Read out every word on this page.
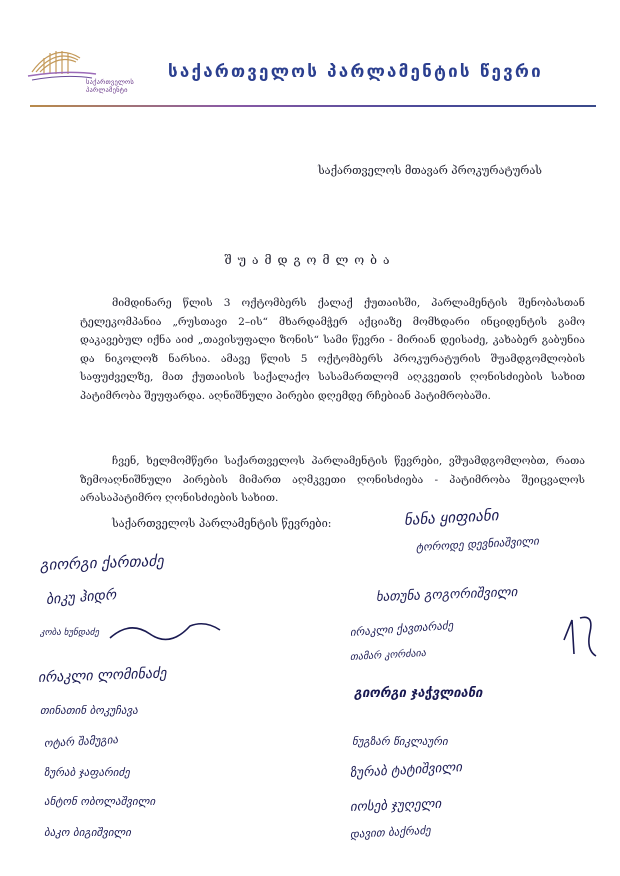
საქართველოს პარლამენტი
საქართველოს პარლამენტის წევრი
საქართველოს მთავარ პროკურატურას
შუამდგომლობა
მიმდინარე წლის 3 ოქტომბერს ქალაქ ქუთაისში, პარლამენტის შენობასთან ტელეკომპანია „რუსთავი 2–ის“ მხარდამჭერ აქციაზე მომხდარი ინციდენტის გამო დაკავებულ იქნა აიძ „თავისუფალი ზონის“ სამი წევრი - მირიან დეისაძე, კახაბერ გაბუნია და ნიკოლოზ ნარსია. ამავე წლის 5 ოქტომბერს პროკურატურის შუამდგომლობის საფუძველზე, მათ ქუთაისის საქალაქო სასამართლომ აღკვეთის ღონისძიების სახით პატიმრობა შეუფარდა. აღნიშნული პირები დღემდე რჩებიან პატიმრობაში.
ჩვენ, ხელმომწერი საქართველოს პარლამენტის წევრები, ვშუამდგომლობთ, რათა ზემოაღნიშნული პირების მიმართ აღმკვეთი ღონისძიება - პატიმრობა შეიცვალოს არასაპატიმრო ღონისძიების სახით.
საქართველოს პარლამენტის წევრები:
გიორგი ქართაძე
ბიკუ ჰიდრ
კობა ხუნდაძე
ირაკლი ლომინაძე
თინათინ ბოკუჩავა
ოტარ შამუგია
ზურაბ ჯაფარიძე
ანტონ ობოლაშვილი
ბაკო ბიგიშვილი
ნანა ყიფიანი
ტოროდე დევნიაშვილი
ხათუნა გოგორიშვილი
ირაკლი ქავთარაძე
თამარ კორძაია
გიორგი ჯაჭვლიანი
ნუგზარ წიკლაური
ზურაბ ტატიშვილი
იოსებ ჯუღელი
დავით ბაქრაძე
